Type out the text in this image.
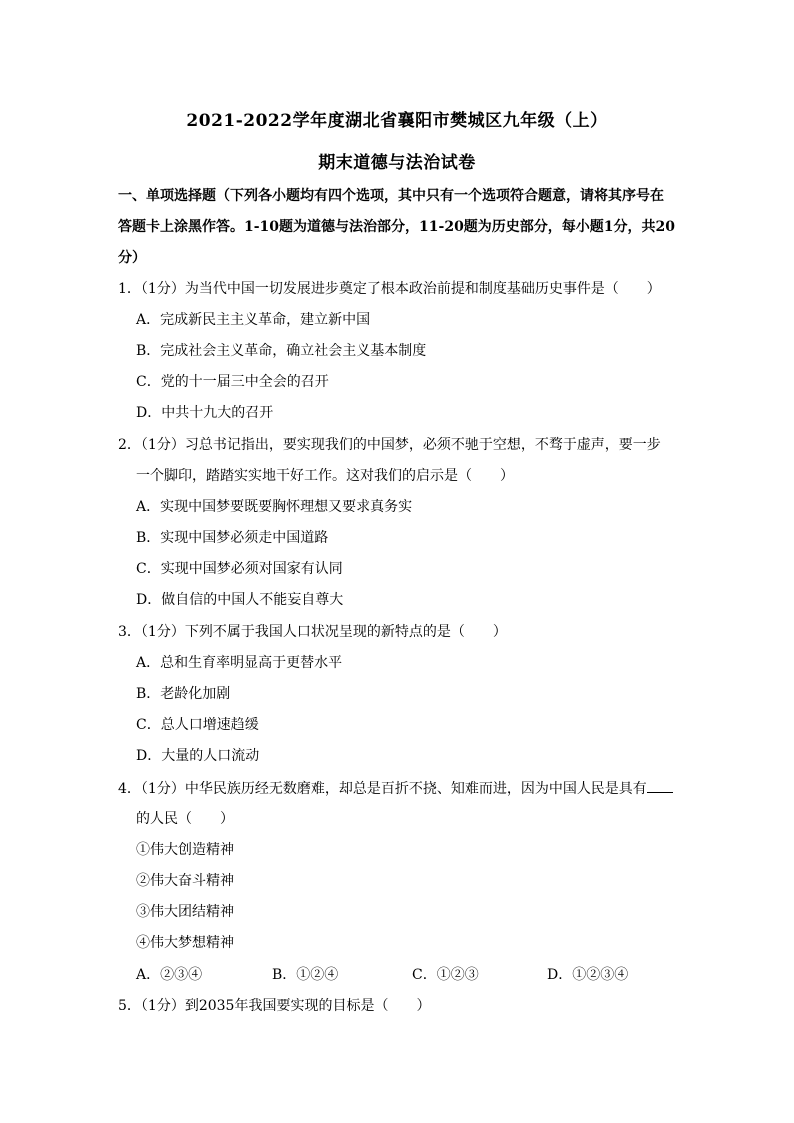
2021-2022学年度湖北省襄阳市樊城区九年级（上）
期末道德与法治试卷
一、单项选择题（下列各小题均有四个选项，其中只有一个选项符合题意，请将其序号在
答题卡上涂黑作答。1-10题为道德与法治部分，11-20题为历史部分，每小题1分，共20
分）
1．（1分）为当代中国一切发展进步奠定了根本政治前提和制度基础历史事件是（　　）
A．完成新民主主义革命，建立新中国
B．完成社会主义革命，确立社会主义基本制度
C．党的十一届三中全会的召开
D．中共十九大的召开
2．（1分）习总书记指出，要实现我们的中国梦，必须不驰于空想，不骛于虚声，要一步
一个脚印，踏踏实实地干好工作。这对我们的启示是（　　）
A．实现中国梦要既要胸怀理想又要求真务实
B．实现中国梦必须走中国道路
C．实现中国梦必须对国家有认同
D．做自信的中国人不能妄自尊大
3．（1分）下列不属于我国人口状况呈现的新特点的是（　　）
A．总和生育率明显高于更替水平
B．老龄化加剧
C．总人口增速趋缓
D．大量的人口流动
4．（1分）中华民族历经无数磨难，却总是百折不挠、知难而进，因为中国人民是具有
的人民（　　）
①伟大创造精神
②伟大奋斗精神
③伟大团结精神
④伟大梦想精神
A．②③④	B．①②④	C．①②③	D．①②③④
5．（1分）到2035年我国要实现的目标是（　　）
